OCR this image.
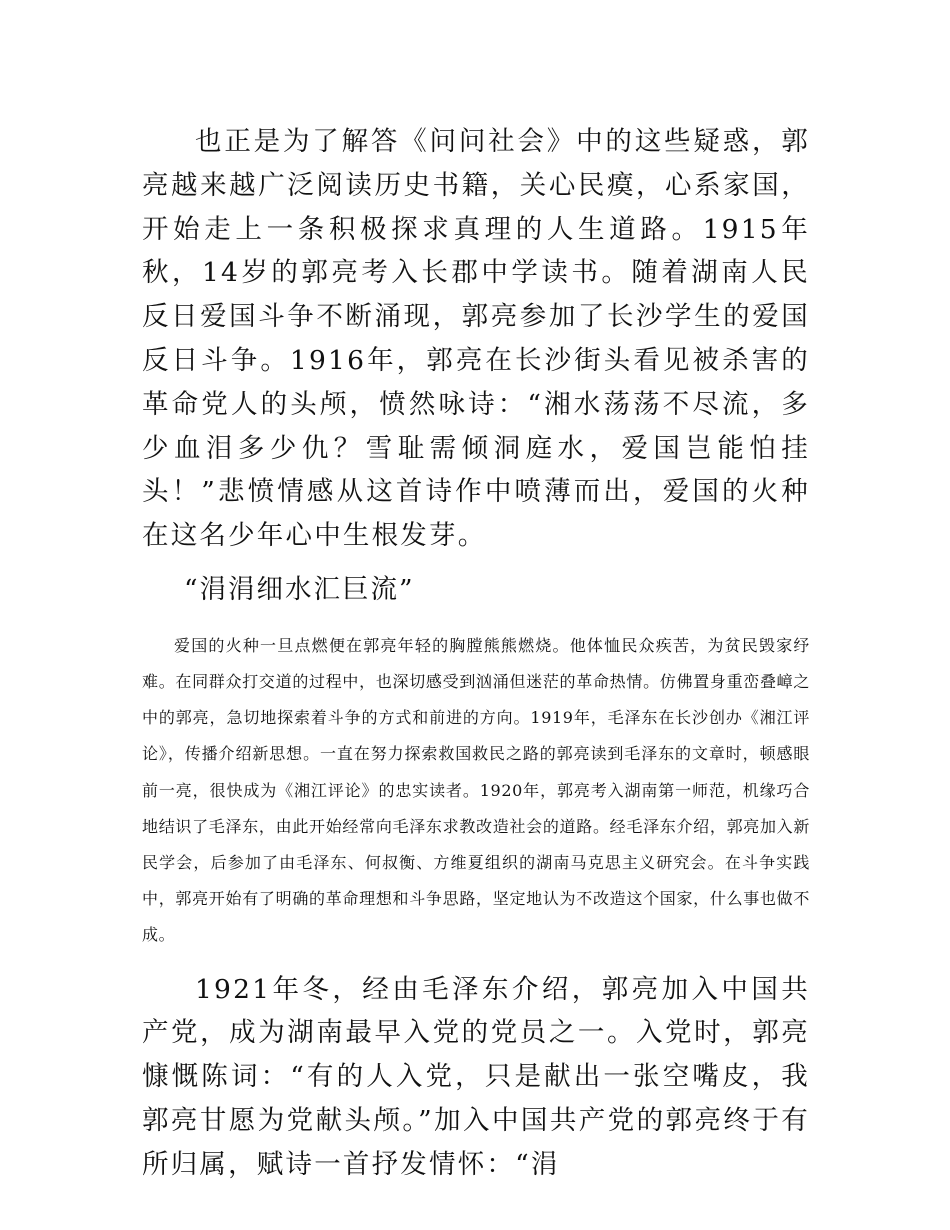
也正是为了解答《问问社会》中的这些疑惑，郭亮越来越广泛阅读历史书籍，关心民瘼，心系家国，开始走上一条积极探求真理的人生道路。1915年秋，14岁的郭亮考入长郡中学读书。随着湖南人民反日爱国斗争不断涌现，郭亮参加了长沙学生的爱国反日斗争。1916年，郭亮在长沙街头看见被杀害的革命党人的头颅，愤然咏诗：“湘水荡荡不尽流，多少血泪多少仇？雪耻需倾洞庭水，爱国岂能怕挂头！”悲愤情感从这首诗作中喷薄而出，爱国的火种在这名少年心中生根发芽。

“涓涓细水汇巨流”

爱国的火种一旦点燃便在郭亮年轻的胸膛熊熊燃烧。他体恤民众疾苦，为贫民毁家纾难。在同群众打交道的过程中，也深切感受到汹涌但迷茫的革命热情。仿佛置身重峦叠嶂之中的郭亮，急切地探索着斗争的方式和前进的方向。1919年，毛泽东在长沙创办《湘江评论》，传播介绍新思想。一直在努力探索救国救民之路的郭亮读到毛泽东的文章时，顿感眼前一亮，很快成为《湘江评论》的忠实读者。1920年，郭亮考入湖南第一师范，机缘巧合地结识了毛泽东，由此开始经常向毛泽东求教改造社会的道路。经毛泽东介绍，郭亮加入新民学会，后参加了由毛泽东、何叔衡、方维夏组织的湖南马克思主义研究会。在斗争实践中，郭亮开始有了明确的革命理想和斗争思路，坚定地认为不改造这个国家，什么事也做不成。

1921年冬，经由毛泽东介绍，郭亮加入中国共产党，成为湖南最早入党的党员之一。入党时，郭亮慷慨陈词：“有的人入党，只是献出一张空嘴皮，我郭亮甘愿为党献头颅。”加入中国共产党的郭亮终于有所归属，赋诗一首抒发情怀：“涓
